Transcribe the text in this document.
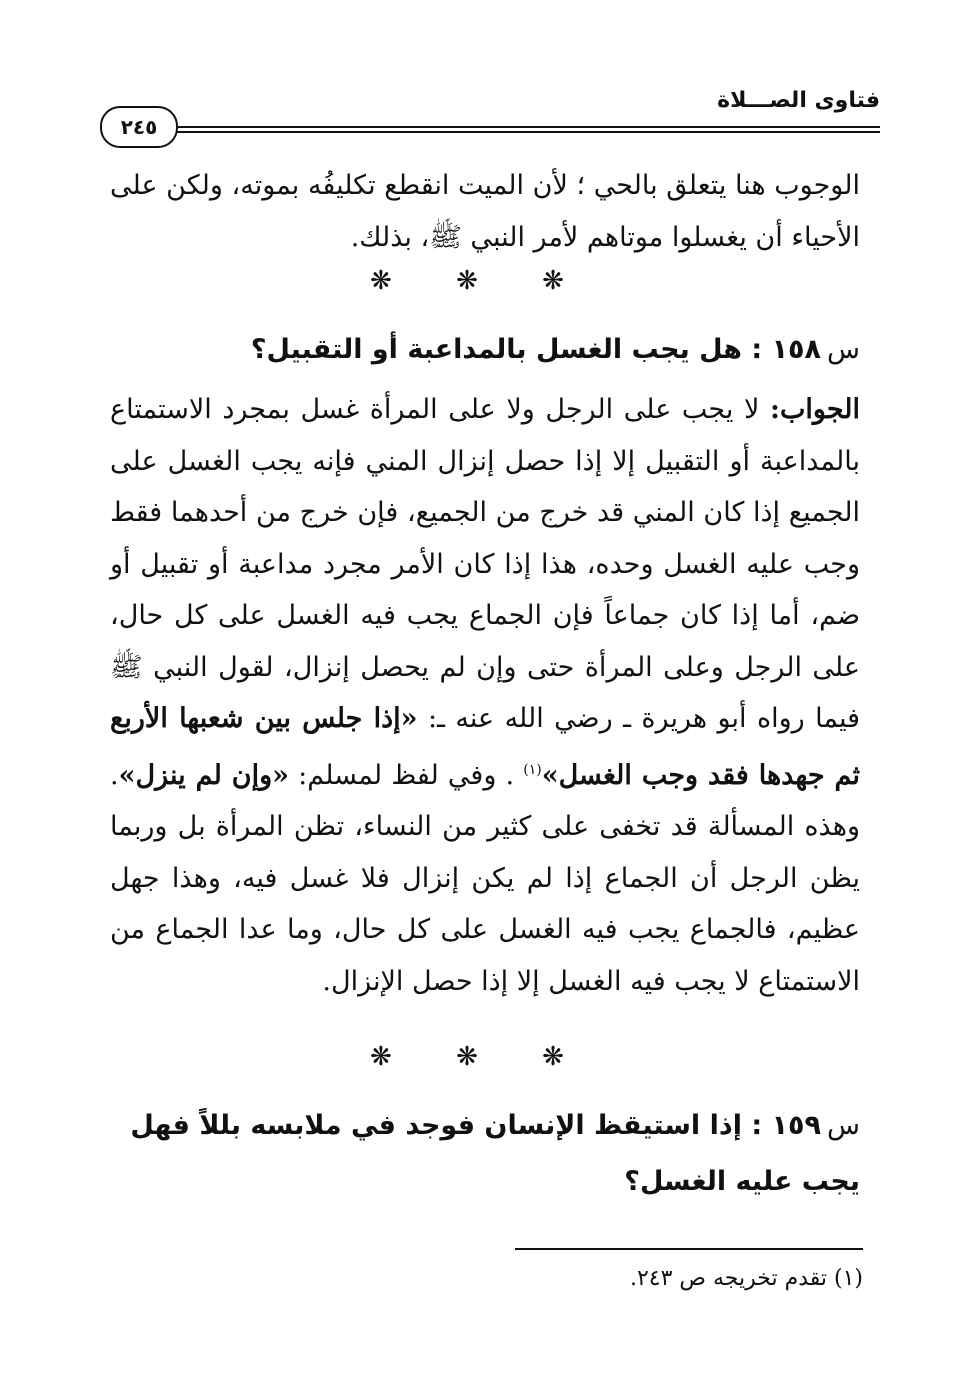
فتاوى الصـــلاة
٢٤٥
الوجوب هنا يتعلق بالحي ؛ لأن الميت انقطع تكليفُه بموته، ولكن على الأحياء أن يغسلوا موتاهم لأمر النبي ﷺ، بذلك.
❋ ❋ ❋
س١٥٨ : هل يجب الغسل بالمداعبة أو التقبيل؟
الجواب: لا يجب على الرجل ولا على المرأة غسل بمجرد الاستمتاع بالمداعبة أو التقبيل إلا إذا حصل إنزال المني فإنه يجب الغسل على الجميع إذا كان المني قد خرج من الجميع، فإن خرج من أحدهما فقط وجب عليه الغسل وحده، هذا إذا كان الأمر مجرد مداعبة أو تقبيل أو ضم، أما إذا كان جماعاً فإن الجماع يجب فيه الغسل على كل حال، على الرجل وعلى المرأة حتى وإن لم يحصل إنزال، لقول النبي ﷺ فيما رواه أبو هريرة ـ رضي الله عنه ـ: «إذا جلس بين شعبها الأربع ثم جهدها فقد وجب الغسل»$^{(١)}$ . وفي لفظ لمسلم: «وإن لم ينزل». وهذه المسألة قد تخفى على كثير من النساء، تظن المرأة بل وربما يظن الرجل أن الجماع إذا لم يكن إنزال فلا غسل فيه، وهذا جهل عظيم، فالجماع يجب فيه الغسل على كل حال، وما عدا الجماع من الاستمتاع لا يجب فيه الغسل إلا إذا حصل الإنزال.
❋ ❋ ❋
س١٥٩ : إذا استيقظ الإنسان فوجد في ملابسه بللاً فهل يجب عليه الغسل؟
(١) تقدم تخريجه ص ٢٤٣.
